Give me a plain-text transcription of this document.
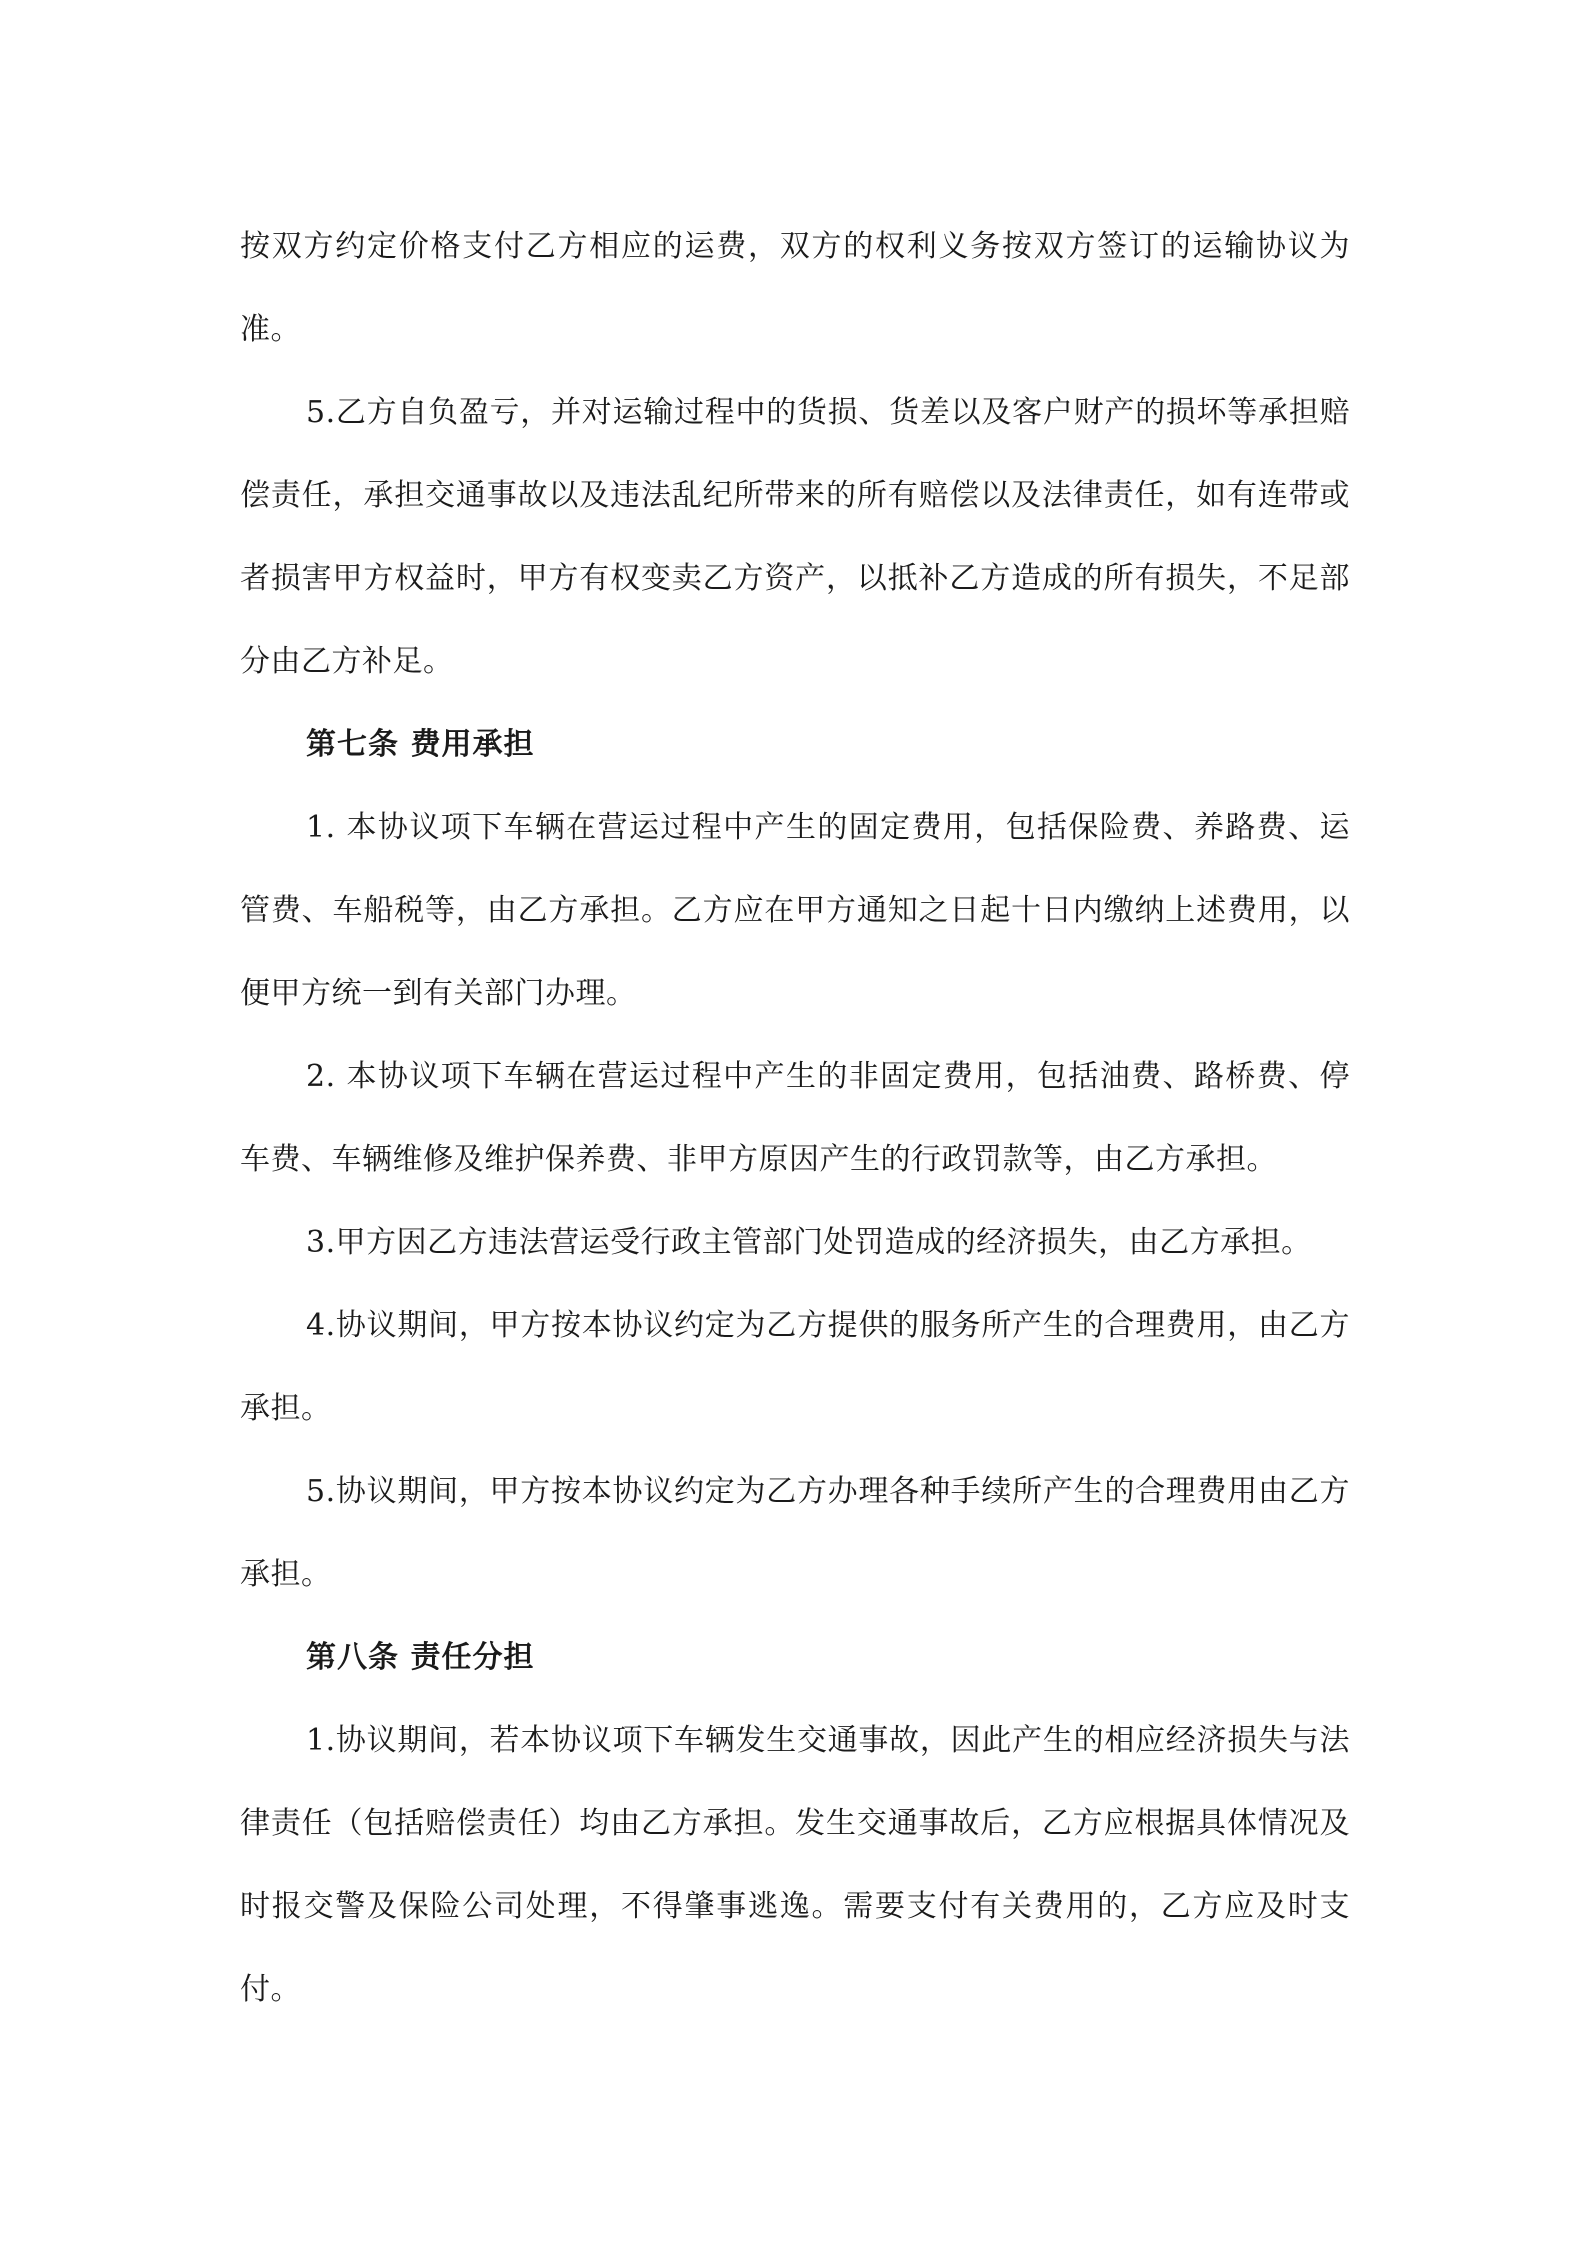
按双方约定价格支付乙方相应的运费，双方的权利义务按双方签订的运输协议为准。

5.乙方自负盈亏，并对运输过程中的货损、货差以及客户财产的损坏等承担赔偿责任，承担交通事故以及违法乱纪所带来的所有赔偿以及法律责任，如有连带或者损害甲方权益时，甲方有权变卖乙方资产，以抵补乙方造成的所有损失，不足部分由乙方补足。

第七条 费用承担

1. 本协议项下车辆在营运过程中产生的固定费用，包括保险费、养路费、运管费、车船税等，由乙方承担。乙方应在甲方通知之日起十日内缴纳上述费用，以便甲方统一到有关部门办理。

2. 本协议项下车辆在营运过程中产生的非固定费用，包括油费、路桥费、停车费、车辆维修及维护保养费、非甲方原因产生的行政罚款等，由乙方承担。

3.甲方因乙方违法营运受行政主管部门处罚造成的经济损失，由乙方承担。

4.协议期间，甲方按本协议约定为乙方提供的服务所产生的合理费用，由乙方承担。

5.协议期间，甲方按本协议约定为乙方办理各种手续所产生的合理费用由乙方承担。

第八条 责任分担

1.协议期间，若本协议项下车辆发生交通事故，因此产生的相应经济损失与法律责任（包括赔偿责任）均由乙方承担。发生交通事故后，乙方应根据具体情况及时报交警及保险公司处理，不得肇事逃逸。需要支付有关费用的，乙方应及时支付。
